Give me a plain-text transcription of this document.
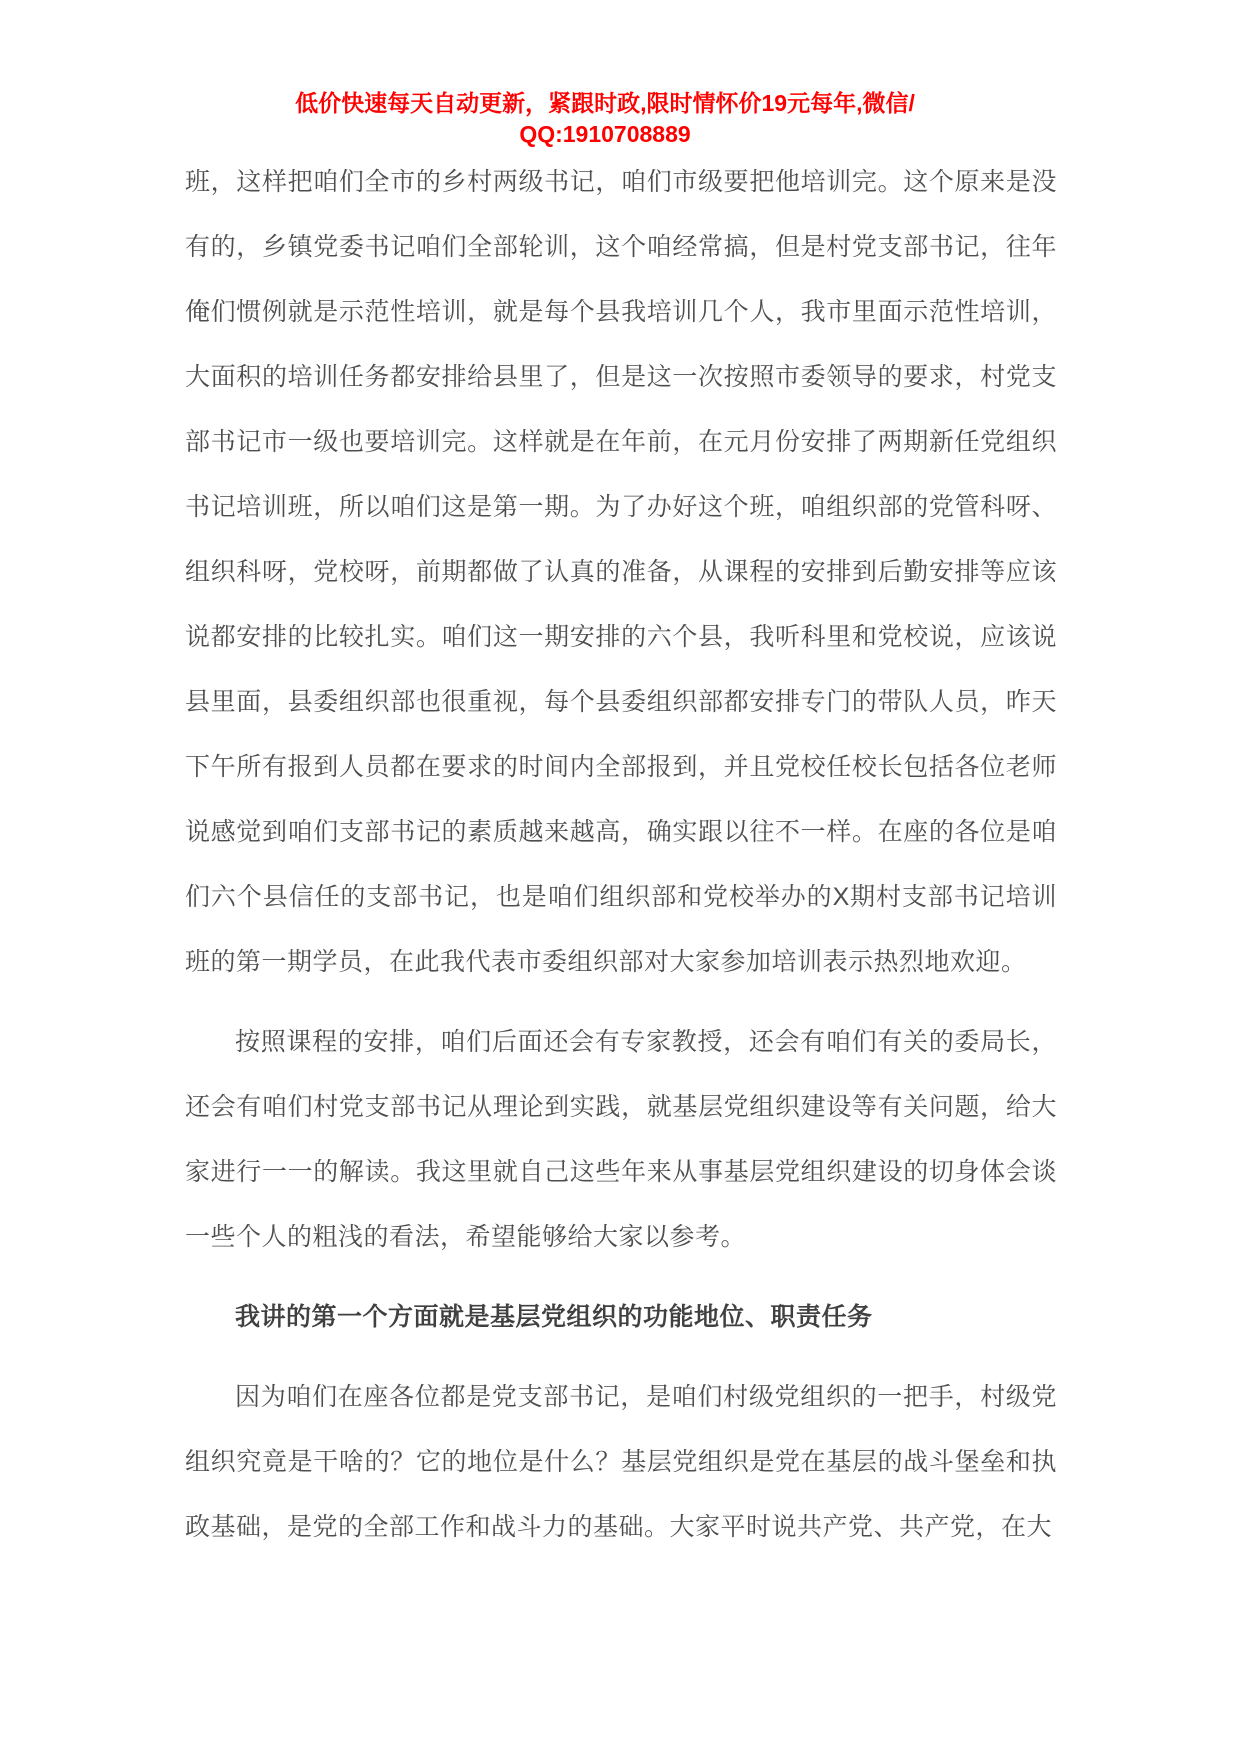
低价快速每天自动更新，紧跟时政,限时情怀价19元每年,微信/
QQ:1910708889

班，这样把咱们全市的乡村两级书记，咱们市级要把他培训完。这个原来是没有的，乡镇党委书记咱们全部轮训，这个咱经常搞，但是村党支部书记，往年俺们惯例就是示范性培训，就是每个县我培训几个人，我市里面示范性培训，大面积的培训任务都安排给县里了，但是这一次按照市委领导的要求，村党支部书记市一级也要培训完。这样就是在年前，在元月份安排了两期新任党组织书记培训班，所以咱们这是第一期。为了办好这个班，咱组织部的党管科呀、组织科呀，党校呀，前期都做了认真的准备，从课程的安排到后勤安排等应该说都安排的比较扎实。咱们这一期安排的六个县，我听科里和党校说，应该说县里面，县委组织部也很重视，每个县委组织部都安排专门的带队人员，昨天下午所有报到人员都在要求的时间内全部报到，并且党校任校长包括各位老师说感觉到咱们支部书记的素质越来越高，确实跟以往不一样。在座的各位是咱们六个县信任的支部书记，也是咱们组织部和党校举办的X期村支部书记培训班的第一期学员，在此我代表市委组织部对大家参加培训表示热烈地欢迎。

按照课程的安排，咱们后面还会有专家教授，还会有咱们有关的委局长，还会有咱们村党支部书记从理论到实践，就基层党组织建设等有关问题，给大家进行一一的解读。我这里就自己这些年来从事基层党组织建设的切身体会谈一些个人的粗浅的看法，希望能够给大家以参考。

我讲的第一个方面就是基层党组织的功能地位、职责任务

因为咱们在座各位都是党支部书记，是咱们村级党组织的一把手，村级党组织究竟是干啥的？它的地位是什么？基层党组织是党在基层的战斗堡垒和执政基础，是党的全部工作和战斗力的基础。大家平时说共产党、共产党，在大
